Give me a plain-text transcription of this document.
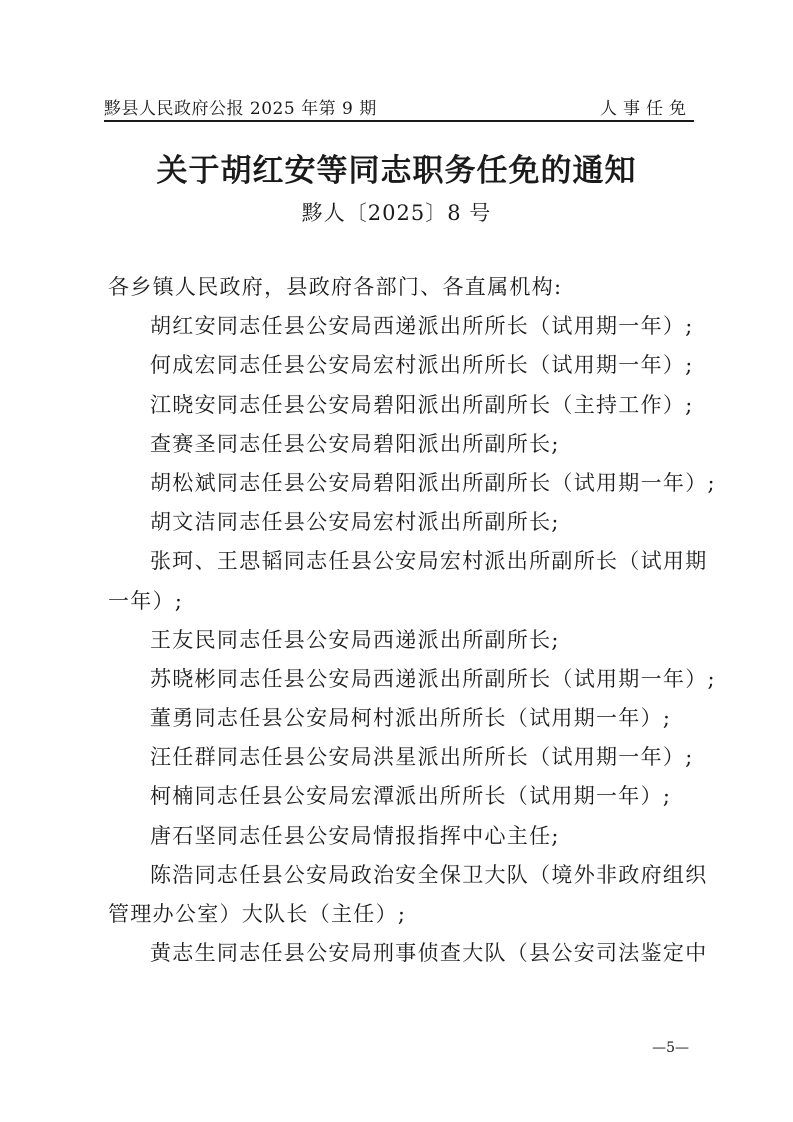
黟县人民政府公报 2025 年第 9 期	人事任免
关于胡红安等同志职务任免的通知
黟人〔2025〕8 号
各乡镇人民政府，县政府各部门、各直属机构:
胡红安同志任县公安局西递派出所所长（试用期一年）;
何成宏同志任县公安局宏村派出所所长（试用期一年）;
江晓安同志任县公安局碧阳派出所副所长（主持工作）;
查赛圣同志任县公安局碧阳派出所副所长;
胡松斌同志任县公安局碧阳派出所副所长（试用期一年）;
胡文洁同志任县公安局宏村派出所副所长;
张珂、王思韬同志任县公安局宏村派出所副所长（试用期
一年）;
王友民同志任县公安局西递派出所副所长;
苏晓彬同志任县公安局西递派出所副所长（试用期一年）;
董勇同志任县公安局柯村派出所所长（试用期一年）;
汪任群同志任县公安局洪星派出所所长（试用期一年）;
柯楠同志任县公安局宏潭派出所所长（试用期一年）;
唐石坚同志任县公安局情报指挥中心主任;
陈浩同志任县公安局政治安全保卫大队（境外非政府组织
管理办公室）大队长（主任）;
黄志生同志任县公安局刑事侦查大队（县公安司法鉴定中
—5—
